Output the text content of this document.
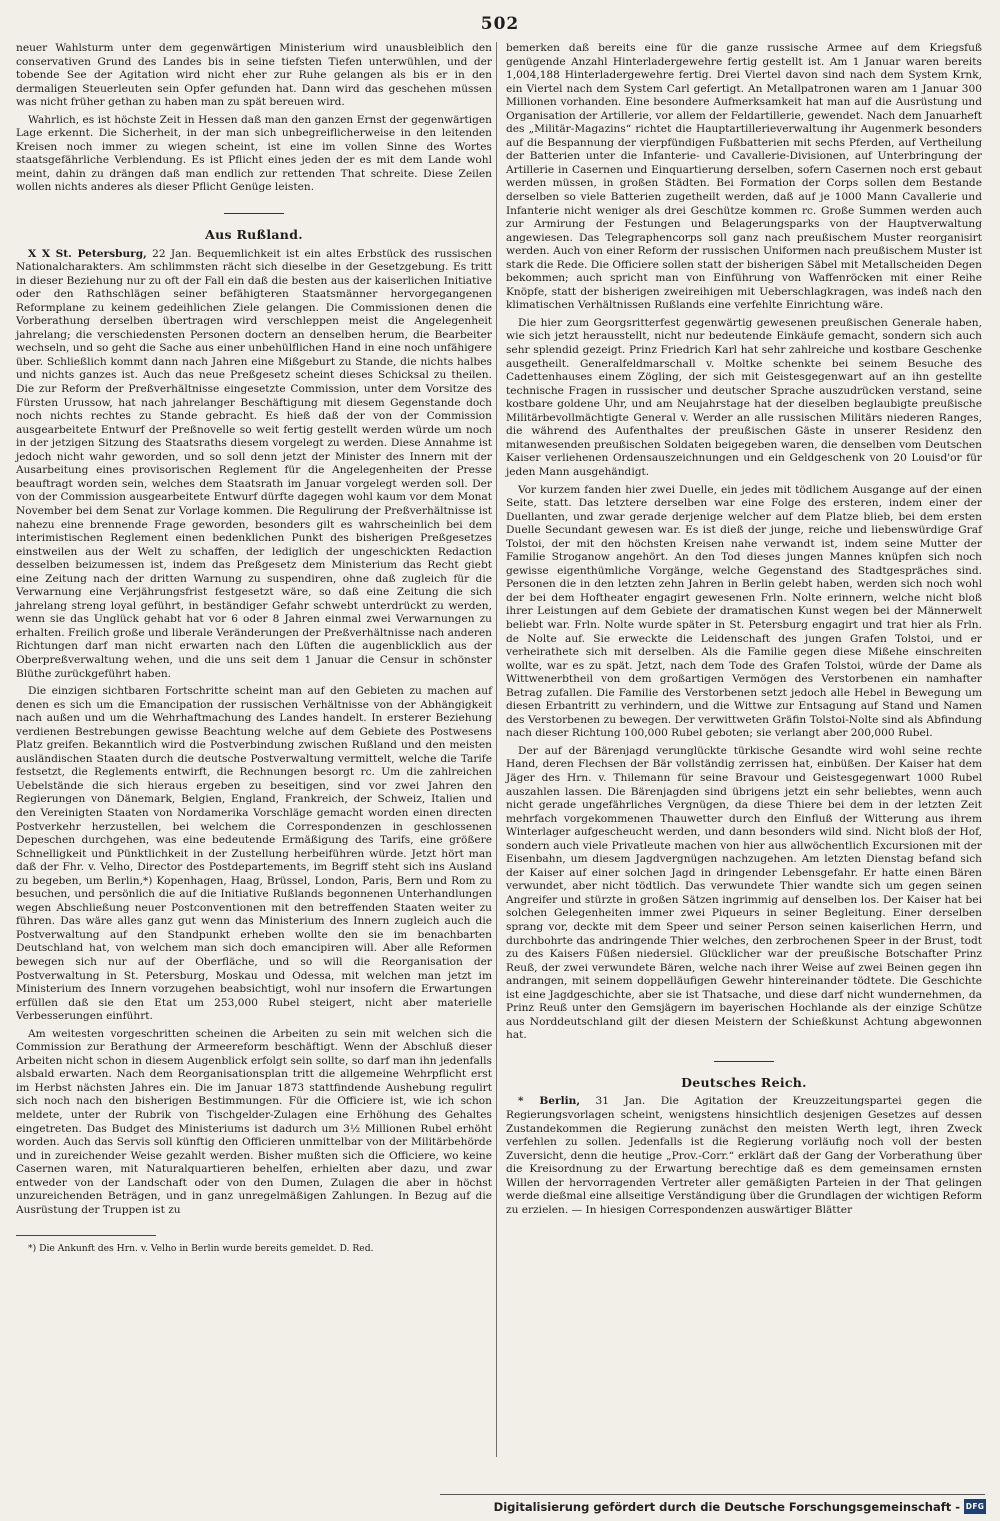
502

neuer Wahlsturm unter dem gegenwärtigen Ministerium wird unausbleiblich den conservativen Grund des Landes bis in seine tiefsten Tiefen unterwühlen, und der tobende See der Agitation wird nicht eher zur Ruhe gelangen als bis er in den dermaligen Steuerleuten sein Opfer gefunden hat. Dann wird das geschehen müssen was nicht früher gethan zu haben man zu spät bereuen wird.

Wahrlich, es ist höchste Zeit in Hessen daß man den ganzen Ernst der gegenwärtigen Lage erkennt. Die Sicherheit, in der man sich unbegreiflicherweise in den leitenden Kreisen noch immer zu wiegen scheint, ist eine im vollen Sinne des Wortes staatsgefährliche Verblendung. Es ist Pflicht eines jeden der es mit dem Lande wohl meint, dahin zu drängen daß man endlich zur rettenden That schreite. Diese Zeilen wollen nichts anderes als dieser Pflicht Genüge leisten.

Aus Rußland.

X X St. Petersburg, 22 Jan. Bequemlichkeit ist ein altes Erbstück des russischen Nationalcharakters. Am schlimmsten rächt sich dieselbe in der Gesetzgebung. Es tritt in dieser Beziehung nur zu oft der Fall ein daß die besten aus der kaiserlichen Initiative oder den Rathschlägen seiner befähigteren Staatsmänner hervorgegangenen Reformplane zu keinem gedeihlichen Ziele gelangen. Die Commissionen denen die Vorberathung derselben übertragen wird verschleppen meist die Angelegenheit jahrelang; die verschiedensten Personen doctern an denselben herum, die Bearbeiter wechseln, und so geht die Sache aus einer unbehülflichen Hand in eine noch unfähigere über. Schließlich kommt dann nach Jahren eine Mißgeburt zu Stande, die nichts halbes und nichts ganzes ist. Auch das neue Preßgesetz scheint dieses Schicksal zu theilen. Die zur Reform der Preßverhältnisse eingesetzte Commission, unter dem Vorsitze des Fürsten Urussow, hat nach jahrelanger Beschäftigung mit diesem Gegenstande doch noch nichts rechtes zu Stande gebracht. Es hieß daß der von der Commission ausgearbeitete Entwurf der Preßnovelle so weit fertig gestellt werden würde um noch in der jetzigen Sitzung des Staatsraths diesem vorgelegt zu werden. Diese Annahme ist jedoch nicht wahr geworden, und so soll denn jetzt der Minister des Innern mit der Ausarbeitung eines provisorischen Reglement für die Angelegenheiten der Presse beauftragt worden sein, welches dem Staatsrath im Januar vorgelegt werden soll. Der von der Commission ausgearbeitete Entwurf dürfte dagegen wohl kaum vor dem Monat November bei dem Senat zur Vorlage kommen. Die Regulirung der Preßverhältnisse ist nahezu eine brennende Frage geworden, besonders gilt es wahrscheinlich bei dem interimistischen Reglement einen bedenklichen Punkt des bisherigen Preßgesetzes einstweilen aus der Welt zu schaffen, der lediglich der ungeschickten Redaction desselben beizumessen ist, indem das Preßgesetz dem Ministerium das Recht giebt eine Zeitung nach der dritten Warnung zu suspendiren, ohne daß zugleich für die Verwarnung eine Verjährungsfrist festgesetzt wäre, so daß eine Zeitung die sich jahrelang streng loyal geführt, in beständiger Gefahr schwebt unterdrückt zu werden, wenn sie das Unglück gehabt hat vor 6 oder 8 Jahren einmal zwei Verwarnungen zu erhalten. Freilich große und liberale Veränderungen der Preßverhältnisse nach anderen Richtungen darf man nicht erwarten nach den Lüften die augenblicklich aus der Oberpreßverwaltung wehen, und die uns seit dem 1 Januar die Censur in schönster Blüthe zurückgeführt haben.

Die einzigen sichtbaren Fortschritte scheint man auf den Gebieten zu machen auf denen es sich um die Emancipation der russischen Verhältnisse von der Abhängigkeit nach außen und um die Wehrhaftmachung des Landes handelt. In ersterer Beziehung verdienen Bestrebungen gewisse Beachtung welche auf dem Gebiete des Postwesens Platz greifen. Bekanntlich wird die Postverbindung zwischen Rußland und den meisten ausländischen Staaten durch die deutsche Postverwaltung vermittelt, welche die Tarife festsetzt, die Reglements entwirft, die Rechnungen besorgt rc. Um die zahlreichen Uebelstände die sich hieraus ergeben zu beseitigen, sind vor zwei Jahren den Regierungen von Dänemark, Belgien, England, Frankreich, der Schweiz, Italien und den Vereinigten Staaten von Nordamerika Vorschläge gemacht worden einen directen Postverkehr herzustellen, bei welchem die Correspondenzen in geschlossenen Depeschen durchgehen, was eine bedeutende Ermäßigung des Tarifs, eine größere Schnelligkeit und Pünktlichkeit in der Zustellung herbeiführen würde. Jetzt hört man daß der Fhr. v. Velho, Director des Postdepartements, im Begriff steht sich ins Ausland zu begeben, um Berlin,*) Kopenhagen, Haag, Brüssel, London, Paris, Bern und Rom zu besuchen, und persönlich die auf die Initiative Rußlands begonnenen Unterhandlungen wegen Abschließung neuer Postconventionen mit den betreffenden Staaten weiter zu führen. Das wäre alles ganz gut wenn das Ministerium des Innern zugleich auch die Postverwaltung auf den Standpunkt erheben wollte den sie im benachbarten Deutschland hat, von welchem man sich doch emancipiren will. Aber alle Reformen bewegen sich nur auf der Oberfläche, und so will die Reorganisation der Postverwaltung in St. Petersburg, Moskau und Odessa, mit welchen man jetzt im Ministerium des Innern vorzugehen beabsichtigt, wohl nur insofern die Erwartungen erfüllen daß sie den Etat um 253,000 Rubel steigert, nicht aber materielle Verbesserungen einführt.

Am weitesten vorgeschritten scheinen die Arbeiten zu sein mit welchen sich die Commission zur Berathung der Armeereform beschäftigt. Wenn der Abschluß dieser Arbeiten nicht schon in diesem Augenblick erfolgt sein sollte, so darf man ihn jedenfalls alsbald erwarten. Nach dem Reorganisationsplan tritt die allgemeine Wehrpflicht erst im Herbst nächsten Jahres ein. Die im Januar 1873 stattfindende Aushebung regulirt sich noch nach den bisherigen Bestimmungen. Für die Officiere ist, wie ich schon meldete, unter der Rubrik von Tischgelder-Zulagen eine Erhöhung des Gehaltes eingetreten. Das Budget des Ministeriums ist dadurch um 3½ Millionen Rubel erhöht worden. Auch das Servis soll künftig den Officieren unmittelbar von der Militärbehörde und in zureichender Weise gezahlt werden. Bisher mußten sich die Officiere, wo keine Casernen waren, mit Naturalquartieren behelfen, erhielten aber dazu, und zwar entweder von der Landschaft oder von den Dumen, Zulagen die aber in höchst unzureichenden Beträgen, und in ganz unregelmäßigen Zahlungen. In Bezug auf die Ausrüstung der Truppen ist zu

*) Die Ankunft des Hrn. v. Velho in Berlin wurde bereits gemeldet. D. Red.

bemerken daß bereits eine für die ganze russische Armee auf dem Kriegsfuß genügende Anzahl Hinterladergewehre fertig gestellt ist. Am 1 Januar waren bereits 1,004,188 Hinterladergewehre fertig. Drei Viertel davon sind nach dem System Krnk, ein Viertel nach dem System Carl gefertigt. An Metallpatronen waren am 1 Januar 300 Millionen vorhanden. Eine besondere Aufmerksamkeit hat man auf die Ausrüstung und Organisation der Artillerie, vor allem der Feldartillerie, gewendet. Nach dem Januarheft des „Militär-Magazins“ richtet die Hauptartillerieverwaltung ihr Augenmerk besonders auf die Bespannung der vierpfündigen Fußbatterien mit sechs Pferden, auf Vertheilung der Batterien unter die Infanterie- und Cavallerie-Divisionen, auf Unterbringung der Artillerie in Casernen und Einquartierung derselben, sofern Casernen noch erst gebaut werden müssen, in großen Städten. Bei Formation der Corps sollen dem Bestande derselben so viele Batterien zugetheilt werden, daß auf je 1000 Mann Cavallerie und Infanterie nicht weniger als drei Geschütze kommen rc. Große Summen werden auch zur Armirung der Festungen und Belagerungsparks von der Hauptverwaltung angewiesen. Das Telegraphencorps soll ganz nach preußischem Muster reorganisirt werden. Auch von einer Reform der russischen Uniformen nach preußischem Muster ist stark die Rede. Die Officiere sollen statt der bisherigen Säbel mit Metallscheiden Degen bekommen; auch spricht man von Einführung von Waffenröcken mit einer Reihe Knöpfe, statt der bisherigen zweireihigen mit Ueberschlagkragen, was indeß nach den klimatischen Verhältnissen Rußlands eine verfehlte Einrichtung wäre.

Die hier zum Georgsritterfest gegenwärtig gewesenen preußischen Generale haben, wie sich jetzt herausstellt, nicht nur bedeutende Einkäufe gemacht, sondern sich auch sehr splendid gezeigt. Prinz Friedrich Karl hat sehr zahlreiche und kostbare Geschenke ausgetheilt. Generalfeldmarschall v. Moltke schenkte bei seinem Besuche des Cadettenhauses einem Zögling, der sich mit Geistesgegenwart auf an ihn gestellte technische Fragen in russischer und deutscher Sprache auszudrücken verstand, seine kostbare goldene Uhr, und am Neujahrstage hat der dieselben beglaubigte preußische Militärbevollmächtigte General v. Werder an alle russischen Militärs niederen Ranges, die während des Aufenthaltes der preußischen Gäste in unserer Residenz den mitanwesenden preußischen Soldaten beigegeben waren, die denselben vom Deutschen Kaiser verliehenen Ordensauszeichnungen und ein Geldgeschenk von 20 Louisd'or für jeden Mann ausgehändigt.

Vor kurzem fanden hier zwei Duelle, ein jedes mit tödlichem Ausgange auf der einen Seite, statt. Das letztere derselben war eine Folge des ersteren, indem einer der Duellanten, und zwar gerade derjenige welcher auf dem Platze blieb, bei dem ersten Duelle Secundant gewesen war. Es ist dieß der junge, reiche und liebenswürdige Graf Tolstoi, der mit den höchsten Kreisen nahe verwandt ist, indem seine Mutter der Familie Stroganow angehört. An den Tod dieses jungen Mannes knüpfen sich noch gewisse eigenthümliche Vorgänge, welche Gegenstand des Stadtgespräches sind. Personen die in den letzten zehn Jahren in Berlin gelebt haben, werden sich noch wohl der bei dem Hoftheater engagirt gewesenen Frln. Nolte erinnern, welche nicht bloß ihrer Leistungen auf dem Gebiete der dramatischen Kunst wegen bei der Männerwelt beliebt war. Frln. Nolte wurde später in St. Petersburg engagirt und trat hier als Frln. de Nolte auf. Sie erweckte die Leidenschaft des jungen Grafen Tolstoi, und er verheirathete sich mit derselben. Als die Familie gegen diese Mißehe einschreiten wollte, war es zu spät. Jetzt, nach dem Tode des Grafen Tolstoi, würde der Dame als Wittwenerbtheil von dem großartigen Vermögen des Verstorbenen ein namhafter Betrag zufallen. Die Familie des Verstorbenen setzt jedoch alle Hebel in Bewegung um diesen Erbantritt zu verhindern, und die Wittwe zur Entsagung auf Stand und Namen des Verstorbenen zu bewegen. Der verwittweten Gräfin Tolstoi-Nolte sind als Abfindung nach dieser Richtung 100,000 Rubel geboten; sie verlangt aber 200,000 Rubel.

Der auf der Bärenjagd verunglückte türkische Gesandte wird wohl seine rechte Hand, deren Flechsen der Bär vollständig zerrissen hat, einbüßen. Der Kaiser hat dem Jäger des Hrn. v. Thilemann für seine Bravour und Geistesgegenwart 1000 Rubel auszahlen lassen. Die Bärenjagden sind übrigens jetzt ein sehr beliebtes, wenn auch nicht gerade ungefährliches Vergnügen, da diese Thiere bei dem in der letzten Zeit mehrfach vorgekommenen Thauwetter durch den Einfluß der Witterung aus ihrem Winterlager aufgescheucht werden, und dann besonders wild sind. Nicht bloß der Hof, sondern auch viele Privatleute machen von hier aus allwöchentlich Excursionen mit der Eisenbahn, um diesem Jagdvergnügen nachzugehen. Am letzten Dienstag befand sich der Kaiser auf einer solchen Jagd in dringender Lebensgefahr. Er hatte einen Bären verwundet, aber nicht tödtlich. Das verwundete Thier wandte sich um gegen seinen Angreifer und stürzte in großen Sätzen ingrimmig auf denselben los. Der Kaiser hat bei solchen Gelegenheiten immer zwei Piqueurs in seiner Begleitung. Einer derselben sprang vor, deckte mit dem Speer und seiner Person seinen kaiserlichen Herrn, und durchbohrte das andringende Thier welches, den zerbrochenen Speer in der Brust, todt zu des Kaisers Füßen niedersiel. Glücklicher war der preußische Botschafter Prinz Reuß, der zwei verwundete Bären, welche nach ihrer Weise auf zwei Beinen gegen ihn andrangen, mit seinem doppelläufigen Gewehr hintereinander tödtete. Die Geschichte ist eine Jagdgeschichte, aber sie ist Thatsache, und diese darf nicht wundernehmen, da Prinz Reuß unter den Gemsjägern im bayerischen Hochlande als der einzige Schütze aus Norddeutschland gilt der diesen Meistern der Schießkunst Achtung abgewonnen hat.

Deutsches Reich.

* Berlin, 31 Jan. Die Agitation der Kreuzzeitungspartei gegen die Regierungsvorlagen scheint, wenigstens hinsichtlich desjenigen Gesetzes auf dessen Zustandekommen die Regierung zunächst den meisten Werth legt, ihren Zweck verfehlen zu sollen. Jedenfalls ist die Regierung vorläufig noch voll der besten Zuversicht, denn die heutige „Prov.-Corr.“ erklärt daß der Gang der Vorberathung über die Kreisordnung zu der Erwartung berechtige daß es dem gemeinsamen ernsten Willen der hervorragenden Vertreter aller gemäßigten Parteien in der That gelingen werde dießmal eine allseitige Verständigung über die Grundlagen der wichtigen Reform zu erzielen. — In hiesigen Correspondenzen auswärtiger Blätter

Digitalisierung gefördert durch die Deutsche Forschungsgemeinschaft - DFG
